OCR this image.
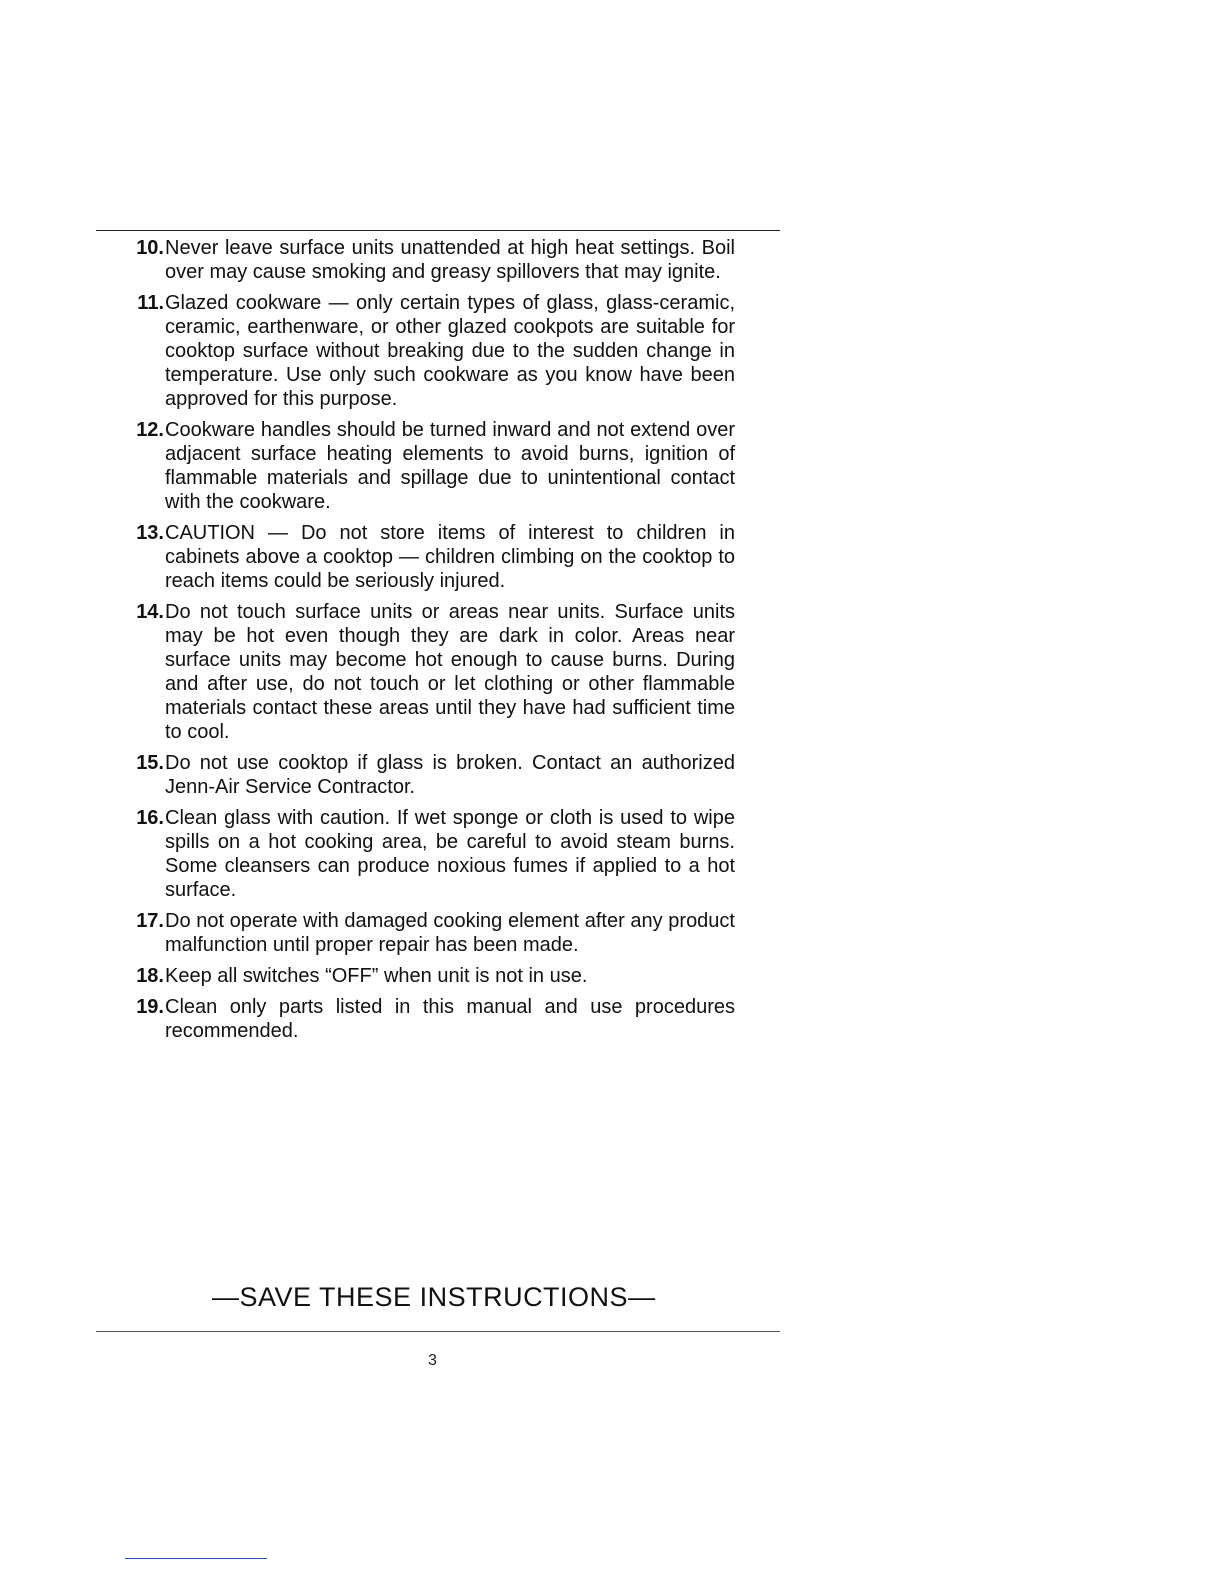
10. Never leave surface units unattended at high heat settings. Boil over may cause smoking and greasy spillovers that may ignite.
11. Glazed cookware — only certain types of glass, glass-ceramic, ceramic, earthenware, or other glazed cookpots are suitable for cooktop surface without breaking due to the sudden change in temperature. Use only such cookware as you know have been approved for this purpose.
12. Cookware handles should be turned inward and not extend over adjacent surface heating elements to avoid burns, ignition of flammable materials and spillage due to unintentional contact with the cookware.
13. CAUTION — Do not store items of interest to children in cabinets above a cooktop — children climbing on the cooktop to reach items could be seriously injured.
14. Do not touch surface units or areas near units. Surface units may be hot even though they are dark in color. Areas near surface units may become hot enough to cause burns. During and after use, do not touch or let clothing or other flammable materials contact these areas until they have had sufficient time to cool.
15. Do not use cooktop if glass is broken. Contact an authorized Jenn-Air Service Contractor.
16. Clean glass with caution. If wet sponge or cloth is used to wipe spills on a hot cooking area, be careful to avoid steam burns. Some cleansers can produce noxious fumes if applied to a hot surface.
17. Do not operate with damaged cooking element after any product malfunction until proper repair has been made.
18. Keep all switches “OFF” when unit is not in use.
19. Clean only parts listed in this manual and use procedures recommended.
—SAVE THESE INSTRUCTIONS—
3
